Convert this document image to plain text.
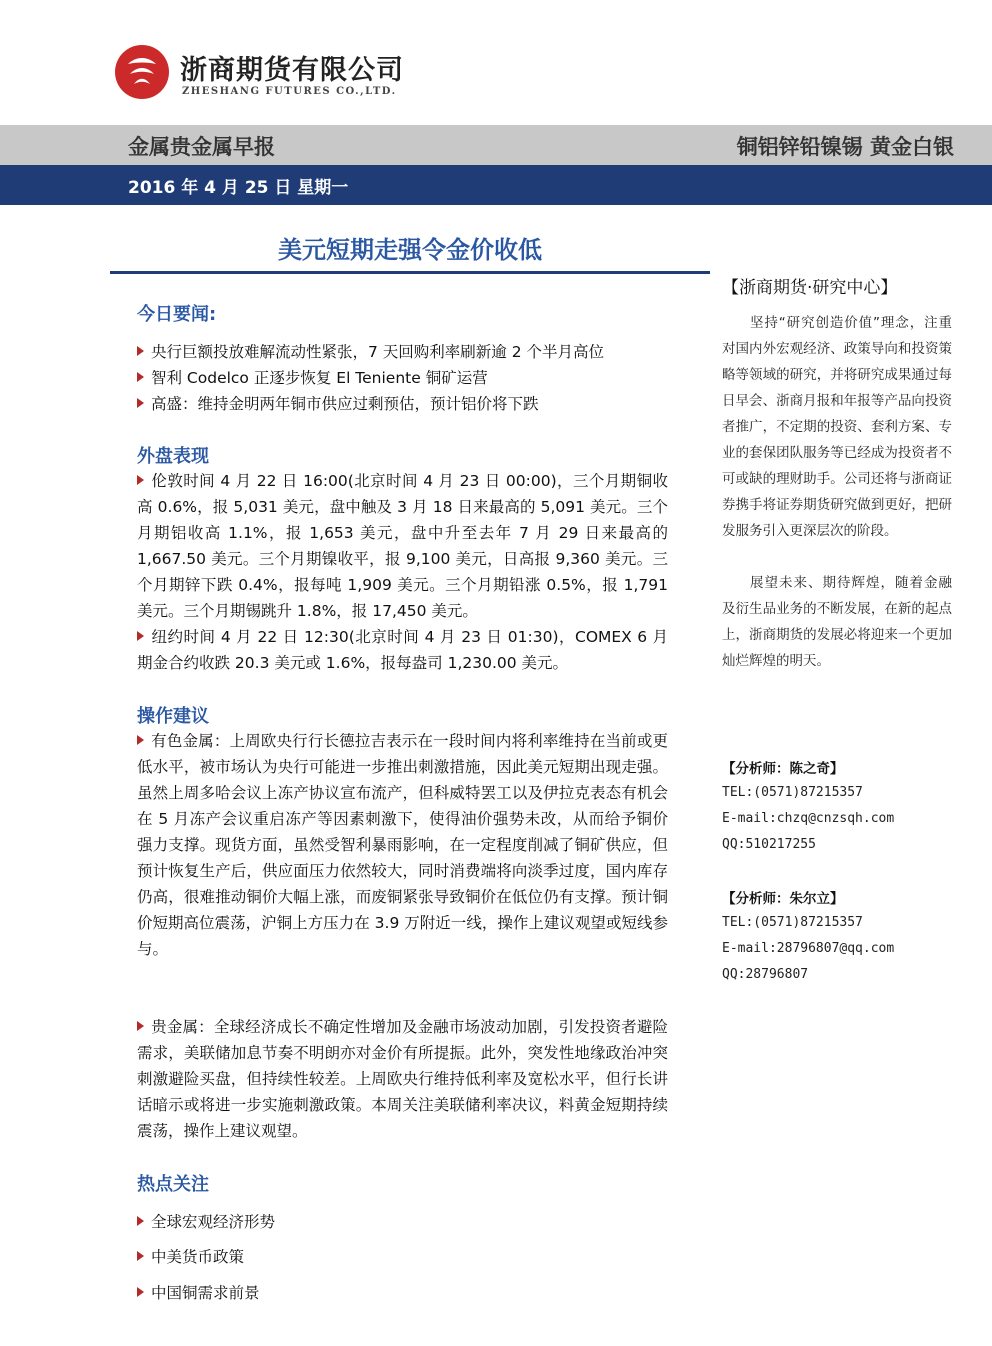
浙商期货有限公司
ZHESHANG FUTURES CO.,LTD.
金属贵金属早报	铜铝锌铅镍锡 黄金白银
2016 年 4 月 25 日 星期一
美元短期走强令金价收低
今日要闻:
央行巨额投放难解流动性紧张，7 天回购利率刷新逾 2 个半月高位
智利 Codelco 正逐步恢复 El Teniente 铜矿运营
高盛：维持金明两年铜市供应过剩预估，预计铝价将下跌
外盘表现
伦敦时间 4 月 22 日 16:00(北京时间 4 月 23 日 00:00)，三个月期铜收高 0.6%，报 5,031 美元，盘中触及 3 月 18 日来最高的 5,091 美元。三个月期铝收高 1.1%，报 1,653 美元，盘中升至去年 7 月 29 日来最高的 1,667.50 美元。三个月期镍收平，报 9,100 美元，日高报 9,360 美元。三个月期锌下跌 0.4%，报每吨 1,909 美元。三个月期铅涨 0.5%，报 1,791 美元。三个月期锡跳升 1.8%，报 17,450 美元。
纽约时间 4 月 22 日 12:30(北京时间 4 月 23 日 01:30)，COMEX 6 月期金合约收跌 20.3 美元或 1.6%，报每盎司 1,230.00 美元。
操作建议
有色金属：上周欧央行行长德拉吉表示在一段时间内将利率维持在当前或更低水平，被市场认为央行可能进一步推出刺激措施，因此美元短期出现走强。虽然上周多哈会议上冻产协议宣布流产，但科威特罢工以及伊拉克表态有机会在 5 月冻产会议重启冻产等因素刺激下，使得油价强势未改，从而给予铜价强力支撑。现货方面，虽然受智利暴雨影响，在一定程度削减了铜矿供应，但预计恢复生产后，供应面压力依然较大，同时消费端将向淡季过度，国内库存仍高，很难推动铜价大幅上涨，而废铜紧张导致铜价在低位仍有支撑。预计铜价短期高位震荡，沪铜上方压力在 3.9 万附近一线，操作上建议观望或短线参与。
贵金属：全球经济成长不确定性增加及金融市场波动加剧，引发投资者避险需求，美联储加息节奏不明朗亦对金价有所提振。此外，突发性地缘政治冲突刺激避险买盘，但持续性较差。上周欧央行维持低利率及宽松水平，但行长讲话暗示或将进一步实施刺激政策。本周关注美联储利率决议，料黄金短期持续震荡，操作上建议观望。
热点关注
全球宏观经济形势
中美货币政策
中国铜需求前景
【浙商期货·研究中心】
坚持“研究创造价值”理念，注重对国内外宏观经济、政策导向和投资策略等领域的研究，并将研究成果通过每日早会、浙商月报和年报等产品向投资者推广，不定期的投资、套利方案、专业的套保团队服务等已经成为投资者不可或缺的理财助手。公司还将与浙商证券携手将证券期货研究做到更好，把研发服务引入更深层次的阶段。
展望未来、期待辉煌，随着金融及衍生品业务的不断发展，在新的起点上，浙商期货的发展必将迎来一个更加灿烂辉煌的明天。
【分析师：陈之奇】
TEL:(0571)87215357
E-mail:chzq@cnzsqh.com
QQ:510217255
【分析师：朱尔立】
TEL:(0571)87215357
E-mail:28796807@qq.com
QQ:28796807
